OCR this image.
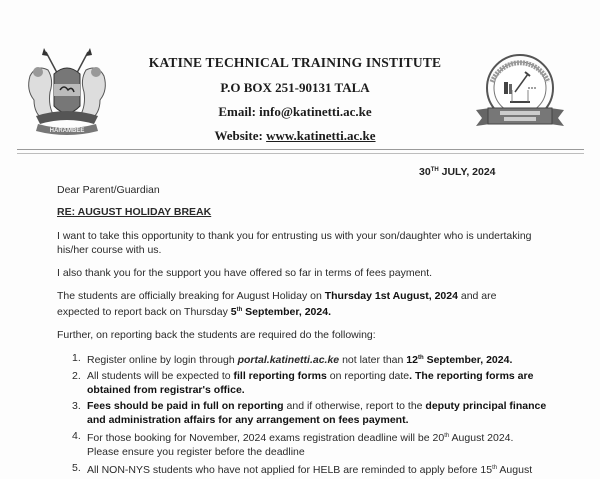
HARAMBEE
KATINE TECHNICAL TRAINING INSTITUTE
P.O BOX 251-90131 TALA
Email: info@katinetti.ac.ke
Website: www.katinetti.ac.ke
30TH JULY, 2024

Dear Parent/Guardian

RE: AUGUST HOLIDAY BREAK

I want to take this opportunity to thank you for entrusting us with your son/daughter who is undertaking his/her course with us.

I also thank you for the support you have offered so far in terms of fees payment.

The students are officially breaking for August Holiday on Thursday 1st August, 2024 and are expected to report back on Thursday 5th September, 2024.

Further, on reporting back the students are required do the following:

1. Register online by login through portal.katinetti.ac.ke not later than 12th September, 2024.
2. All students will be expected to fill reporting forms on reporting date. The reporting forms are obtained from registrar's office.
3. Fees should be paid in full on reporting and if otherwise, report to the deputy principal finance and administration affairs for any arrangement on fees payment.
4. For those booking for November, 2024 exams registration deadline will be 20th August 2024.
Please ensure you register before the deadline
5. All NON-NYS students who have not applied for HELB are reminded to apply before 15th August
